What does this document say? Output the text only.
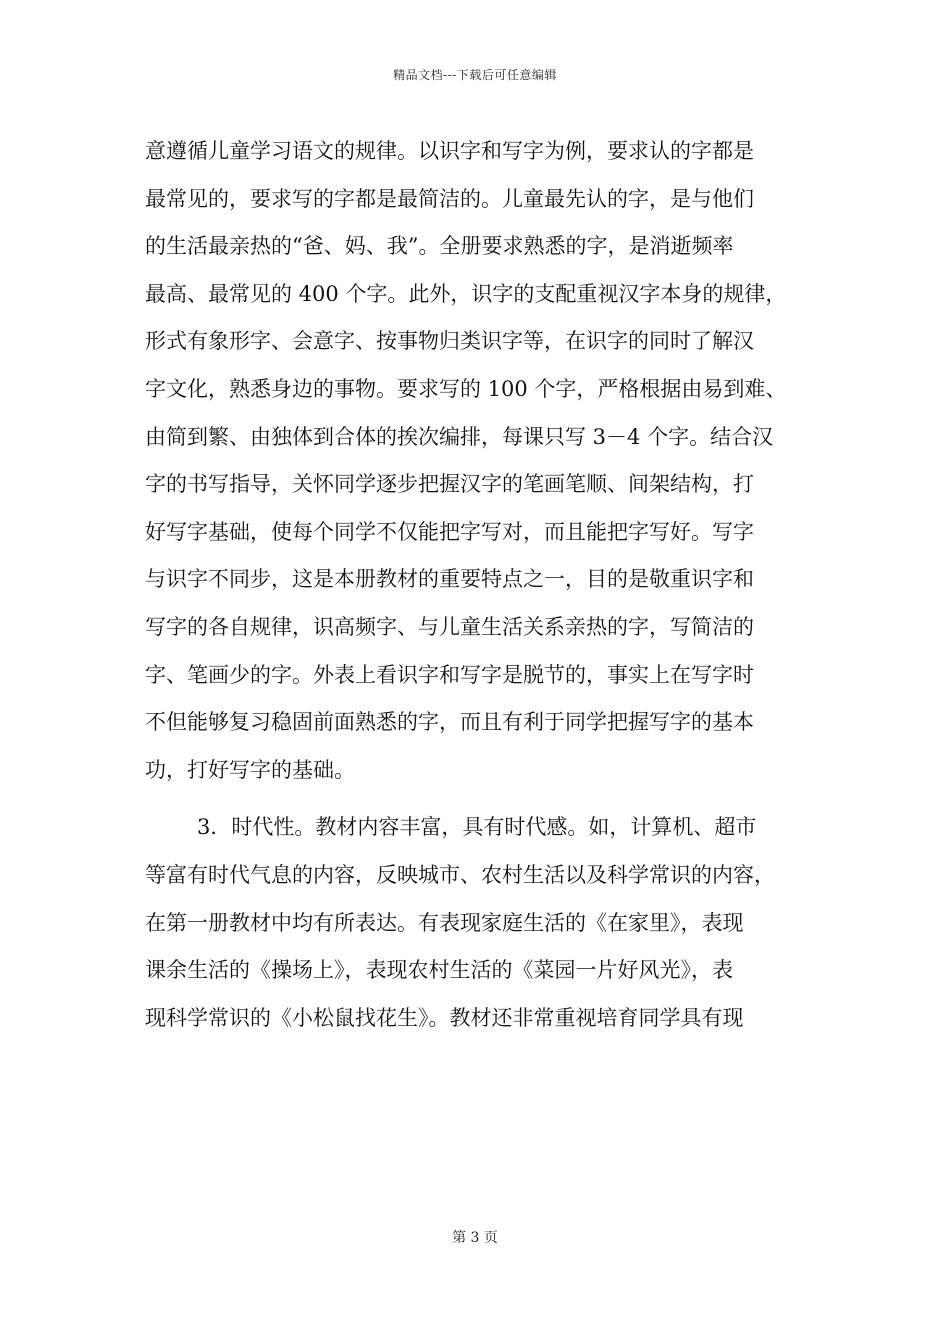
精品文档---下载后可任意编辑
意遵循儿童学习语文的规律。以识字和写字为例，要求认的字都是
最常见的，要求写的字都是最简洁的。儿童最先认的字，是与他们
的生活最亲热的“爸、妈、我”。全册要求熟悉的字，是消逝频率
最高、最常见的 400 个字。此外，识字的支配重视汉字本身的规律，
形式有象形字、会意字、按事物归类识字等，在识字的同时了解汉
字文化，熟悉身边的事物。要求写的 100 个字，严格根据由易到难、
由简到繁、由独体到合体的挨次编排，每课只写 3－4 个字。结合汉
字的书写指导，关怀同学逐步把握汉字的笔画笔顺、间架结构，打
好写字基础，使每个同学不仅能把字写对，而且能把字写好。写字
与识字不同步，这是本册教材的重要特点之一，目的是敬重识字和
写字的各自规律，识高频字、与儿童生活关系亲热的字，写简洁的
字、笔画少的字。外表上看识字和写字是脱节的，事实上在写字时
不但能够复习稳固前面熟悉的字，而且有利于同学把握写字的基本
功，打好写字的基础。
3．时代性。教材内容丰富，具有时代感。如，计算机、超市
等富有时代气息的内容，反映城市、农村生活以及科学常识的内容，
在第一册教材中均有所表达。有表现家庭生活的《在家里》，表现
课余生活的《操场上》，表现农村生活的《菜园一片好风光》，表
现科学常识的《小松鼠找花生》。教材还非常重视培育同学具有现
第 3 页
